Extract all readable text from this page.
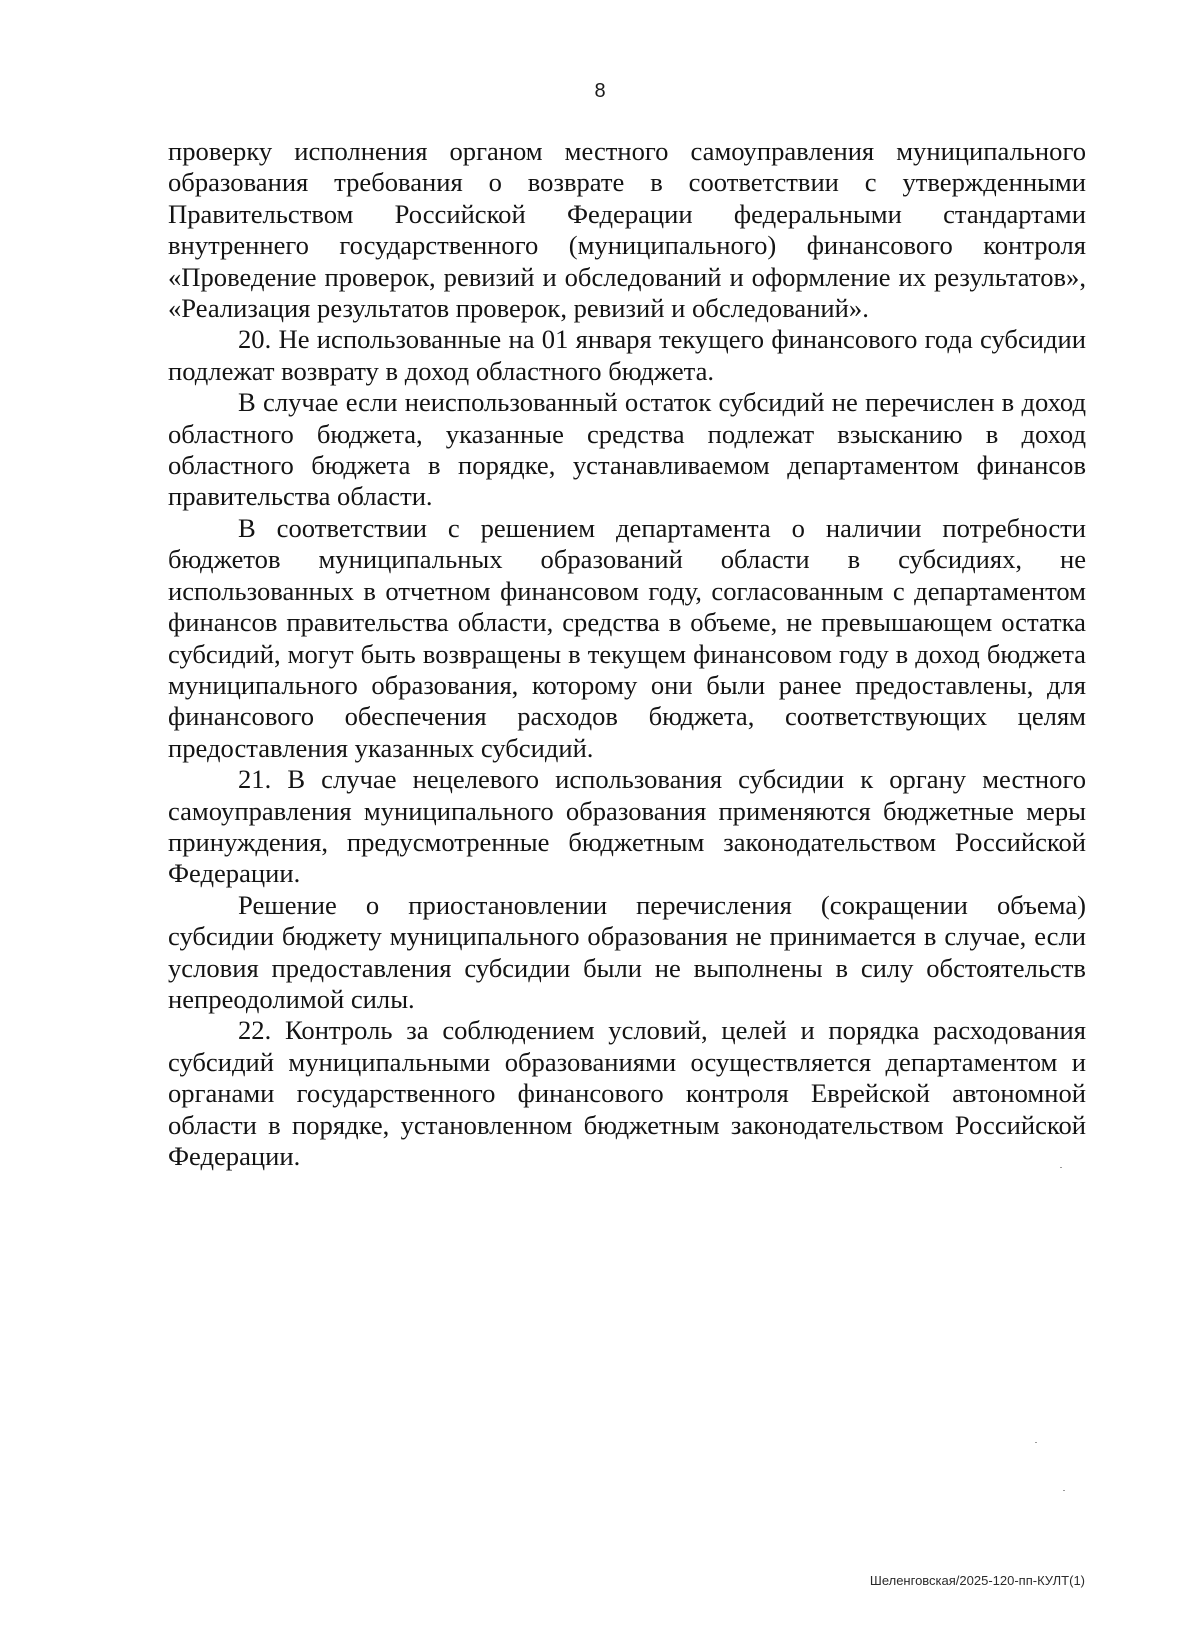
8

проверку исполнения органом местного самоуправления муниципального образования требования о возврате в соответствии с утвержденными Правительством Российской Федерации федеральными стандартами внутреннего государственного (муниципального) финансового контроля «Проведение проверок, ревизий и обследований и оформление их результатов», «Реализация результатов проверок, ревизий и обследований».

20. Не использованные на 01 января текущего финансового года субсидии подлежат возврату в доход областного бюджета.

В случае если неиспользованный остаток субсидий не перечислен в доход областного бюджета, указанные средства подлежат взысканию в доход областного бюджета в порядке, устанавливаемом департаментом финансов правительства области.

В соответствии с решением департамента о наличии потребности бюджетов муниципальных образований области в субсидиях, не использованных в отчетном финансовом году, согласованным с департаментом финансов правительства области, средства в объеме, не превышающем остатка субсидий, могут быть возвращены в текущем финансовом году в доход бюджета муниципального образования, которому они были ранее предоставлены, для финансового обеспечения расходов бюджета, соответствующих целям предоставления указанных субсидий.

21. В случае нецелевого использования субсидии к органу местного самоуправления муниципального образования применяются бюджетные меры принуждения, предусмотренные бюджетным законодательством Российской Федерации.

Решение о приостановлении перечисления (сокращении объема) субсидии бюджету муниципального образования не принимается в случае, если условия предоставления субсидии были не выполнены в силу обстоятельств непреодолимой силы.

22. Контроль за соблюдением условий, целей и порядка расходования субсидий муниципальными образованиями осуществляется департаментом и органами государственного финансового контроля Еврейской автономной области в порядке, установленном бюджетным законодательством Российской Федерации.

Шеленговская/2025-120-пп-КУЛТ(1)
